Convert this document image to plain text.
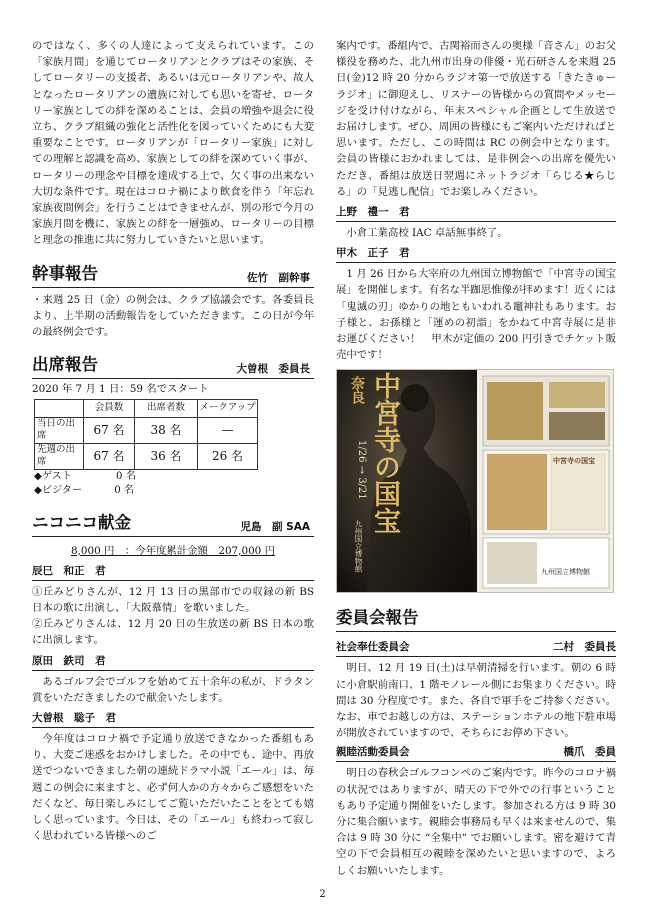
のではなく、多くの人達によって支えられています。この「家族月間」を通じてロータリアンとクラブはその家族、そしてロータリーの支援者、あるいは元ロータリアンや、故人となったロータリアンの遺族に対しても思いを寄せ、ロータリー家族としての絆を深めることは、会員の増強や退会に役立ち、クラブ組織の強化と活性化を図っていくためにも大変重要なことです。ロータリアンが「ロータリー家族」に対しての理解と認識を高め、家族としての絆を深めていく事が、ロータリーの理念や目標を達成する上で、欠く事の出来ない大切な条件です。現在はコロナ禍により飲食を伴う「年忘れ家族夜間例会」を行うことはできませんが、別の形で今月の家族月間を機に、家族との絆を一層強め、ロータリーの目標と理念の推進に共に努力していきたいと思います。

幹事報告	佐竹　副幹事

・来週 25 日（金）の例会は、クラブ協議会です。各委員長より、上半期の活動報告をしていただきます。この日が今年の最終例会です。

出席報告	大曽根　委員長

2020 年 7 月 1 日：59 名でスタート

	会員数	出席者数	メークアップ
当日の出席	67 名	38 名	—
先週の出席	67 名	36 名	26 名
◆ゲスト	0 名
◆ビジター	0 名
ニコニコ献金	児島　副 SAA

8,000 円　：今年度累計金額　207,000 円

辰巳　和正　君

①丘みどりさんが、12 月 13 日の黒部市での収録の新 BS 日本の歌に出演し、「大阪慕情」を歌いました。

②丘みどりさんは、12 月 20 日の生放送の新 BS 日本の歌に出演します。

原田　鉄司　君

あるゴルフ会でゴルフを始めて五十余年の私が、ドラタン賞をいただきましたので献金いたします。

大曽根　聡子　君

今年度はコロナ禍で予定通り放送できなかった番組もあり、大変ご迷惑をおかけしました。その中でも、途中、再放送でつないできました朝の連続ドラマ小説「エール」は、毎週この例会に来ますと、必ず何人かの方々からご感想をいただくなど、毎日楽しみにしてご覧いただいたことをとても嬉しく思っています。今日は、その「エール」も終わって寂しく思われている皆様へのご

案内です。番組内で、古関裕而さんの奥様「音さん」のお父様役を務めた、北九州市出身の俳優・光石研さんを来週 25 日(金)12 時 20 分からラジオ第一で放送する「きたきゅーラジオ」に御迎えし、リスナーの皆様からの質問やメッセージを受け付けながら、年末スペシャル企画として生放送でお届けします。ぜひ、周囲の皆様にもご案内いただければと思います。ただし、この時間は RC の例会中となります。会員の皆様におかれましては、是非例会への出席を優先いただき、番組は放送日翌週にネットラジオ「らじる★らじる」の「見逃し配信」でお楽しみください。

上野　禮一　君

小倉工業高校 IAC 卓話無事終了。

甲木　正子　君

1 月 26 日から大宰府の九州国立博物館で「中宮寺の国宝展」を開催します。有名な半跏思惟像が拝めます！近くには「鬼滅の刃」ゆかりの地ともいわれる竈神社もあります。お子様と、お孫様と「運めの初詣」をかねて中宮寺展に是非お運びください！　甲木が定価の 200 円引きでチケット販売中です！

奈良 中宮寺の国宝
1/26 → 3/21
九州国立博物館
中宮寺の国宝
九州国立博物館
委員会報告
社会奉仕委員会	二村　委員長

明日、12 月 19 日(土)は早朝清掃を行います。朝の 6 時に小倉駅前南口、1 階モノレール側にお集まりください。時間は 30 分程度です。また、各自で軍手をご持参ください。なお、車でお越しの方は、ステーションホテルの地下駐車場が開放されていますので、そちらにお停め下さい。

親睦活動委員会	橋爪　委員

明日の春秋会ゴルフコンペのご案内です。昨今のコロナ禍の状況ではありますが、晴天の下で外での行事ということもあり予定通り開催をいたします。参加される方は 9 時 30 分に集合願います。親睦会事務局も早くは来ませんので、集合は 9 時 30 分に “全集中” でお願いします。密を避けて青空の下で会員相互の親睦を深めたいと思いますので、よろしくお願いいたします。

2
